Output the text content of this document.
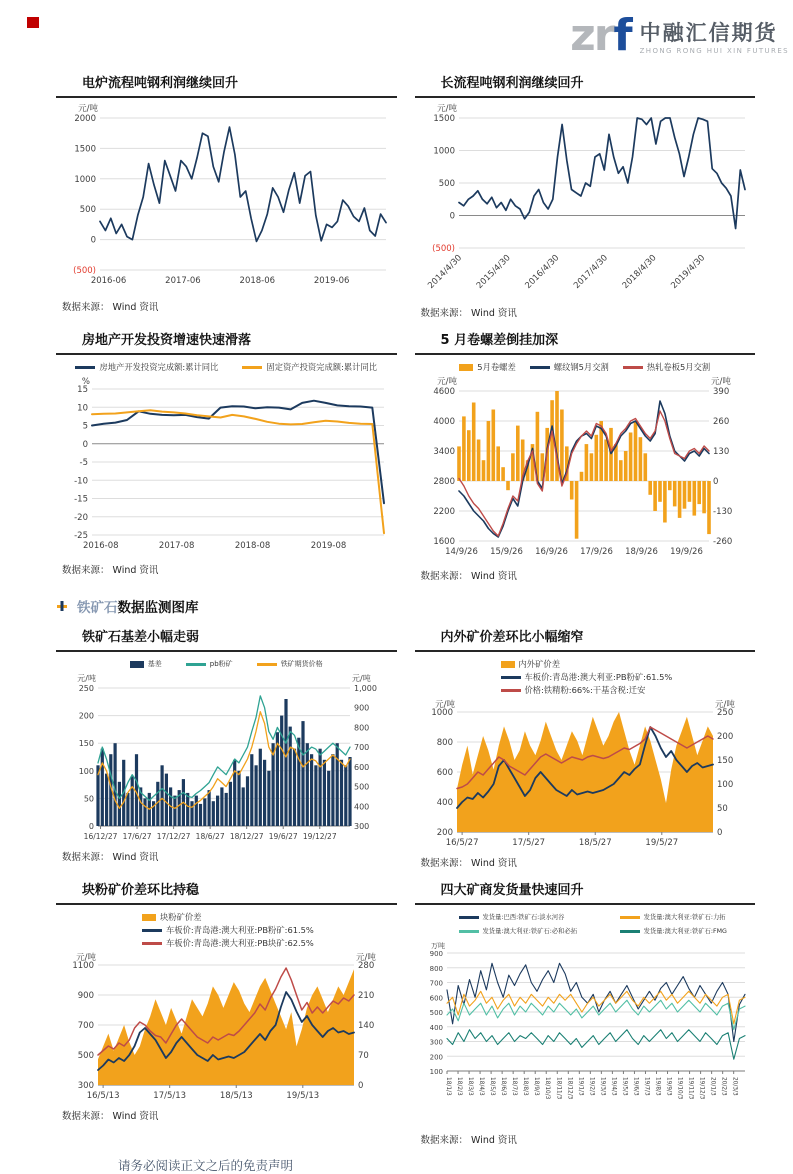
zrf 中融汇信期货
ZHONG RONG HUI XIN FUTURES
电炉流程吨钢利润继续回升
2000
1500
1000
500
0
(500)
元/吨
2016-06	2017-06	2018-06	2019-06
数据来源： Wind 资讯
长流程吨钢利润继续回升
1500
1000
500
0
(500)
元/吨
2014/4/30 2015/4/30 2016/4/30 2017/4/30 2018/4/30 2019/4/30
数据来源： Wind 资讯
房地产开发投资增速快速滑落
房地产开发投资完成额:累计同比	固定资产投资完成额:累计同比
15
10
5
0
-5
-10
-15
-20
-25
%
2016-08	2017-08	2018-08	2019-08
数据来源： Wind 资讯
5 月卷螺差倒挂加深
5月卷螺差	螺纹钢5月交割	热轧卷板5月交割
4600
4000
3400
2800
2200
1600
390
260
130
0
-130
-260
元/吨	元/吨
14/9/26 15/9/26 16/9/26 17/9/26 18/9/26 19/9/26
数据来源： Wind 资讯
铁矿石数据监测图库
铁矿石基差小幅走弱
基差	pb粉矿	铁矿期货价格
250
200
150
100
50
0
1,000
900
800
700
600
500
400
300
元/吨	元/吨
16/12/27 17/6/27 17/12/27 18/6/27 18/12/27 19/6/27 19/12/27
数据来源： Wind 资讯
内外矿价差环比小幅缩窄
内外矿价差
车板价:青岛港:澳大利亚:PB粉矿:61.5%
价格:铁精粉:66%:干基含税:迁安
1000
800
600
400
200
250
200
150
100
50
0
元/吨	元/吨
16/5/27	17/5/27	18/5/27	19/5/27
数据来源： Wind 资讯
块粉矿价差环比持稳
块粉矿价差
车板价:青岛港:澳大利亚:PB粉矿:61.5%
车板价:青岛港:澳大利亚:PB块矿:62.5%
1100
900
700
500
300
280
210
140
70
0
元/吨	元/吨
16/5/13	17/5/13	18/5/13	19/5/13
数据来源： Wind 资讯
四大矿商发货量快速回升
发货量:巴西:铁矿石:淡水河谷	发货量:澳大利亚:铁矿石:力拓
发货量:澳大利亚:铁矿石:必和必拓	发货量:澳大利亚:铁矿石:FMG
900
800
700
600
500
400
300
200
100
万吨
18/1/3 18/2/3 18/3/3 18/4/3 18/5/3 18/6/3 18/7/3 18/8/3 18/9/3 18/10/3 18/11/3 18/12/3 19/1/3 19/2/3 19/3/3 19/4/3 19/5/3 19/6/3 19/7/3 19/8/3 19/9/3 19/10/3 19/11/3 19/12/3 20/1/3 20/2/3 20/3/3
数据来源： Wind 资讯
请务必阅读正文之后的免责声明
